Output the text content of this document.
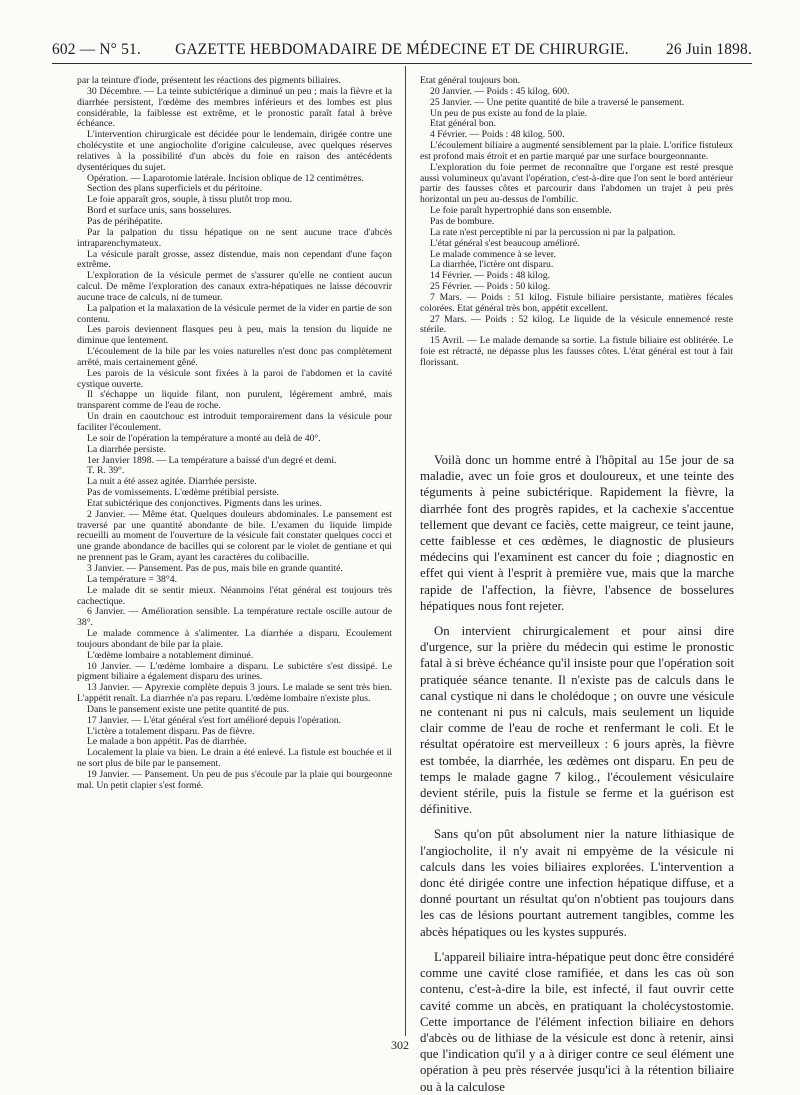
602 — N° 51.	GAZETTE HEBDOMADAIRE DE MÉDECINE ET DE CHIRURGIE.	26 Juin 1898.

par la teinture d'iode, présentent les réactions des pigments biliaires.

30 Décembre. — La teinte subictérique a diminué un peu ; mais la fièvre et la diarrhée persistent, l'œdème des membres inférieurs et des lombes est plus considérable, la faiblesse est extrême, et le pronostic paraît fatal à brève échéance.

L'intervention chirurgicale est décidée pour le lendemain, dirigée contre une cholécystite et une angiocholite d'origine calculeuse, avec quelques réserves relatives à la possibilité d'un abcès du foie en raison des antécédents dysentériques du sujet.

Opération. — Laparotomie latérale. Incision oblique de 12 centimètres.

Section des plans superficiels et du péritoine.

Le foie apparaît gros, souple, à tissu plutôt trop mou.

Bord et surface unis, sans bosselures.

Pas de périhépatite.

Par la palpation du tissu hépatique on ne sent aucune trace d'abcès intraparenchymateux.

La vésicule paraît grosse, assez distendue, mais non cependant d'une façon extrême.

L'exploration de la vésicule permet de s'assurer qu'elle ne contient aucun calcul. De même l'exploration des canaux extra-hépatiques ne laisse découvrir aucune trace de calculs, ni de tumeur.

La palpation et la malaxation de la vésicule permet de la vider en partie de son contenu.

Les parois deviennent flasques peu à peu, mais la tension du liquide ne diminue que lentement.

L'écoulement de la bile par les voies naturelles n'est donc pas complètement arrêté, mais certainement gêné.

Les parois de la vésicule sont fixées à la paroi de l'abdomen et la cavité cystique ouverte.

Il s'échappe un liquide filant, non purulent, légèrement ambré, mais transparent comme de l'eau de roche.

Un drain en caoutchouc est introduit temporairement dans la vésicule pour faciliter l'écoulement.

Le soir de l'opération la température a monté au delà de 40°.

La diarrhée persiste.

1er Janvier 1898. — La température a baissé d'un degré et demi.

T. R. 39°.

La nuit a été assez agitée. Diarrhée persiste.

Pas de vomissements. L'œdème prétibial persiste.

Etat subictérique des conjonctives. Pigments dans les urines.

2 Janvier. — Même état. Quelques douleurs abdominales. Le pansement est traversé par une quantité abondante de bile. L'examen du liquide limpide recueilli au moment de l'ouverture de la vésicule fait constater quelques cocci et une grande abondance de bacilles qui se colorent par le violet de gentiane et qui ne prennent pas le Gram, ayant les caractères du colibacille.

3 Janvier. — Pansement. Pas de pus, mais bile en grande quantité.

La température = 38°4.

Le malade dit se sentir mieux. Néanmoins l'état général est toujours très cachectique.

6 Janvier. — Amélioration sensible. La température rectale oscille autour de 38°.

Le malade commence à s'alimenter. La diarrhée a disparu. Ecoulement toujours abondant de bile par la plaie.

L'œdème lombaire a notablement diminué.

10 Janvier. — L'œdème lombaire a disparu. Le subictère s'est dissipé. Le pigment biliaire a également disparu des urines.

13 Janvier. — Apyrexie complète depuis 3 jours. Le malade se sent très bien. L'appétit renaît. La diarrhée n'a pas reparu. L'œdème lombaire n'existe plus.

Dans le pansement existe une petite quantité de pus.

17 Janvier. — L'état général s'est fort amélioré depuis l'opération.

L'ictère a totalement disparu. Pas de fièvre.

Le malade a bon appétit. Pas de diarrhée.

Localement la plaie va bien. Le drain a été enlevé. La fistule est bouchée et il ne sort plus de bile par le pansement.

19 Janvier. — Pansement. Un peu de pus s'écoule par la plaie qui bourgeonne mal. Un petit clapier s'est formé.

Etat général toujours bon.

20 Janvier. — Poids : 45 kilog. 600.

25 Janvier. — Une petite quantité de bile a traversé le pansement.

Un peu de pus existe au fond de la plaie.

Etat général bon.

4 Février. — Poids : 48 kilog. 500.

L'écoulement biliaire a augmenté sensiblement par la plaie. L'orifice fistuleux est profond mais étroit et en partie marqué par une surface bourgeonnante.

L'exploration du foie permet de reconnaître que l'organe est resté presque aussi volumineux qu'avant l'opération, c'est-à-dire que l'on sent le bord antérieur partir des fausses côtes et parcourir dans l'abdomen un trajet à peu près horizontal un peu au-dessus de l'ombilic.

Le foie paraît hypertrophié dans son ensemble.

Pas de bombure.

La rate n'est perceptible ni par la percussion ni par la palpation.

L'état général s'est beaucoup amélioré.

Le malade commence à se lever.

La diarrhée, l'ictère ont disparu.

14 Février. — Poids : 48 kilog.

25 Février. — Poids : 50 kilog.

7 Mars. — Poids : 51 kilog. Fistule biliaire persistante, matières fécales colorées. Etat général très bon, appétit excellent.

27 Mars. — Poids : 52 kilog. Le liquide de la vésicule ennemencé reste stérile.

15 Avril. — Le malade demande sa sortie. La fistule biliaire est oblitérée. Le foie est rétracté, ne dépasse plus les fausses côtes. L'état général est tout à fait florissant.

Voilà donc un homme entré à l'hôpital au 15e jour de sa maladie, avec un foie gros et douloureux, et une teinte des téguments à peine subictérique. Rapidement la fièvre, la diarrhée font des progrès rapides, et la cachexie s'accentue tellement que devant ce faciès, cette maigreur, ce teint jaune, cette faiblesse et ces œdèmes, le diagnostic de plusieurs médecins qui l'examinent est cancer du foie ; diagnostic en effet qui vient à l'esprit à première vue, mais que la marche rapide de l'affection, la fièvre, l'absence de bosselures hépatiques nous font rejeter.

On intervient chirurgicalement et pour ainsi dire d'urgence, sur la prière du médecin qui estime le pronostic fatal à si brève échéance qu'il insiste pour que l'opération soit pratiquée séance tenante. Il n'existe pas de calculs dans le canal cystique ni dans le cholédoque ; on ouvre une vésicule ne contenant ni pus ni calculs, mais seulement un liquide clair comme de l'eau de roche et renfermant le coli. Et le résultat opératoire est merveilleux : 6 jours après, la fièvre est tombée, la diarrhée, les œdèmes ont disparu. En peu de temps le malade gagne 7 kilog., l'écoulement vésiculaire devient stérile, puis la fistule se ferme et la guérison est définitive.

Sans qu'on pût absolument nier la nature lithiasique de l'angiocholite, il n'y avait ni empyème de la vésicule ni calculs dans les voies biliaires explorées. L'intervention a donc été dirigée contre une infection hépatique diffuse, et a donné pourtant un résultat qu'on n'obtient pas toujours dans les cas de lésions pourtant autrement tangibles, comme les abcès hépatiques ou les kystes suppurés.

L'appareil biliaire intra-hépatique peut donc être considéré comme une cavité close ramifiée, et dans les cas où son contenu, c'est-à-dire la bile, est infecté, il faut ouvrir cette cavité comme un abcès, en pratiquant la cholécystostomie. Cette importance de l'élément infection biliaire en dehors d'abcès ou de lithiase de la vésicule est donc à retenir, ainsi que l'indication qu'il y a à diriger contre ce seul élément une opération à peu près réservée jusqu'ici à la rétention biliaire ou à la calculose

302
